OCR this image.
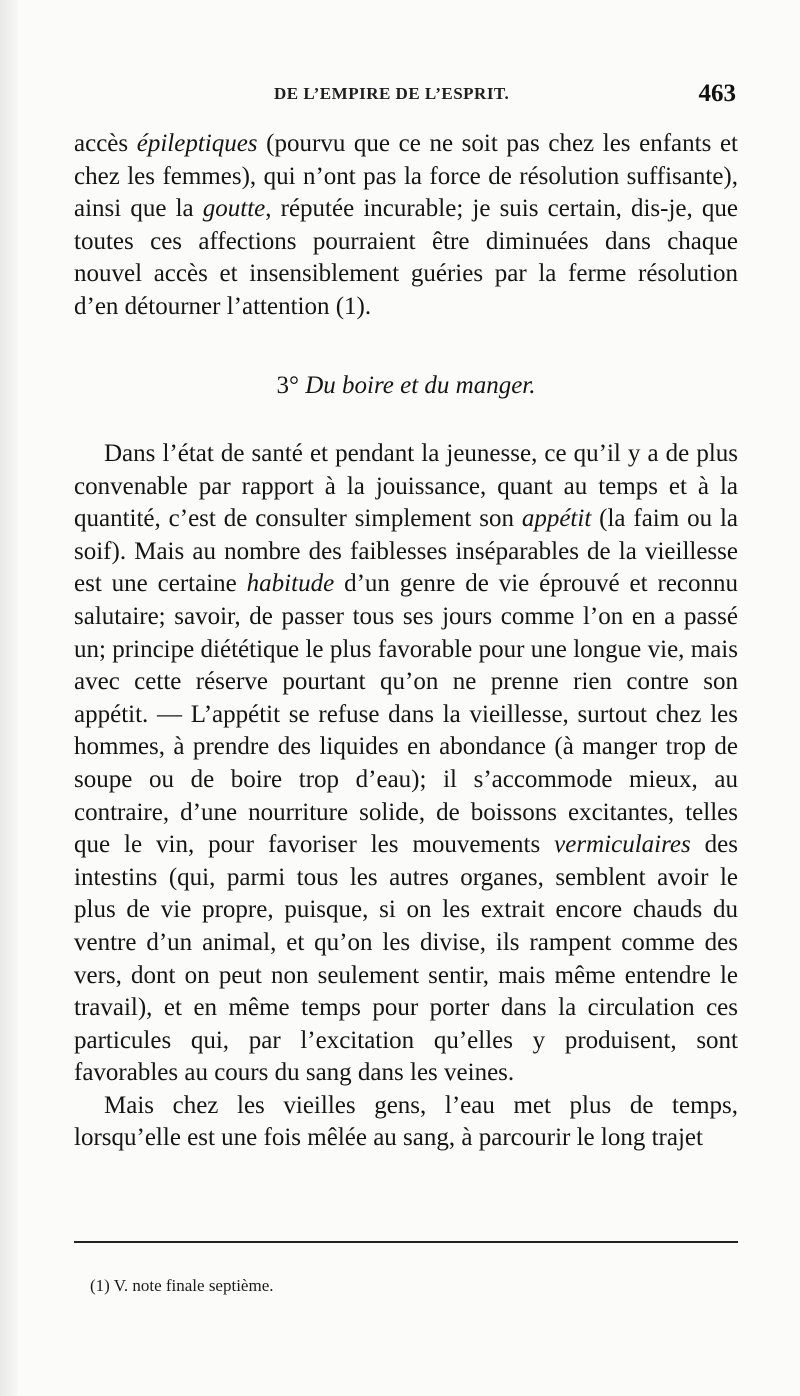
DE L’EMPIRE DE L’ESPRIT.	463

accès épileptiques (pourvu que ce ne soit pas chez les enfants et chez les femmes), qui n’ont pas la force de résolution suffisante), ainsi que la goutte, réputée incurable; je suis certain, dis-je, que toutes ces affections pourraient être diminuées dans chaque nouvel accès et insensiblement guéries par la ferme résolution d’en détourner l’attention (1).

3° Du boire et du manger.

Dans l’état de santé et pendant la jeunesse, ce qu’il y a de plus convenable par rapport à la jouissance, quant au temps et à la quantité, c’est de consulter simplement son appétit (la faim ou la soif). Mais au nombre des faiblesses inséparables de la vieillesse est une certaine habitude d’un genre de vie éprouvé et reconnu salutaire; savoir, de passer tous ses jours comme l’on en a passé un; principe diététique le plus favorable pour une longue vie, mais avec cette réserve pourtant qu’on ne prenne rien contre son appétit. — L’appétit se refuse dans la vieillesse, surtout chez les hommes, à prendre des liquides en abondance (à manger trop de soupe ou de boire trop d’eau); il s’accommode mieux, au contraire, d’une nourriture solide, de boissons excitantes, telles que le vin, pour favoriser les mouvements vermiculaires des intestins (qui, parmi tous les autres organes, semblent avoir le plus de vie propre, puisque, si on les extrait encore chauds du ventre d’un animal, et qu’on les divise, ils rampent comme des vers, dont on peut non seulement sentir, mais même entendre le travail), et en même temps pour porter dans la circulation ces particules qui, par l’excitation qu’elles y produisent, sont favorables au cours du sang dans les veines.

Mais chez les vieilles gens, l’eau met plus de temps, lorsqu’elle est une fois mêlée au sang, à parcourir le long trajet

(1) V. note finale septième.
